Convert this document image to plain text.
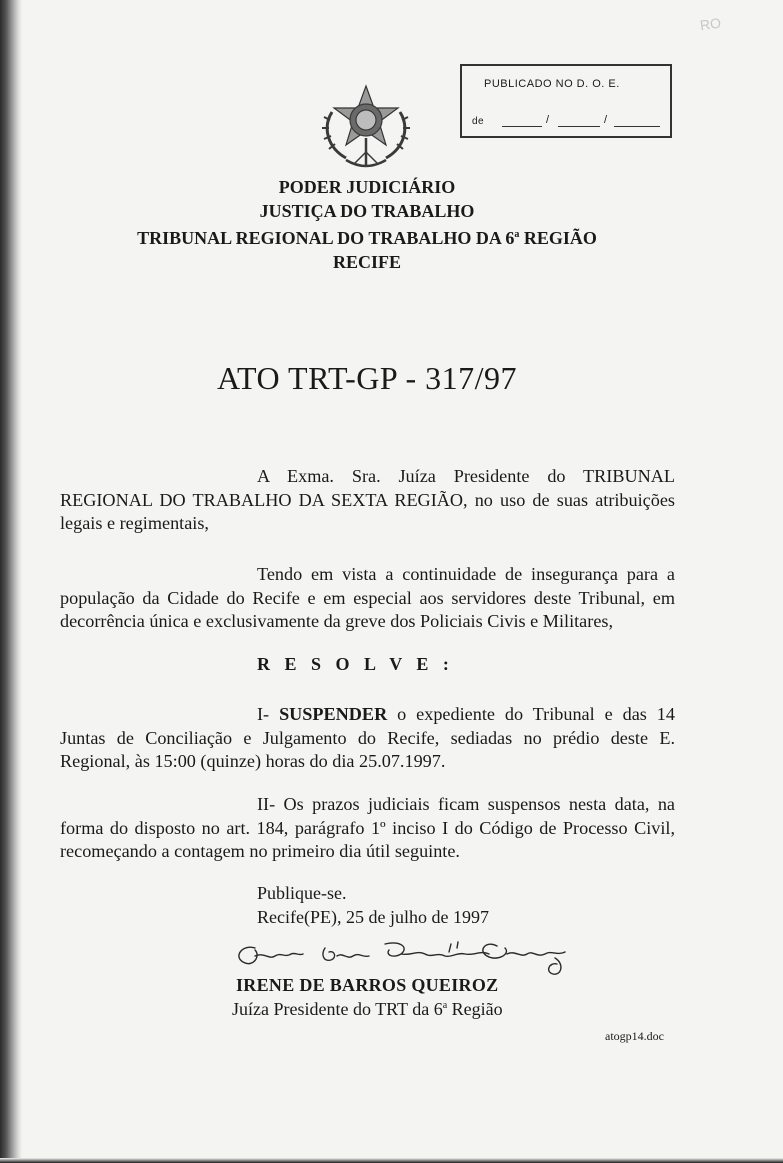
RO
PUBLICADO NO D. O. E.
de	/	/
PODER JUDICIÁRIO
JUSTIÇA DO TRABALHO
TRIBUNAL REGIONAL DO TRABALHO DA 6$^a$ REGIÃO
RECIFE
ATO TRT-GP - 317/97

A Exma. Sra. Juíza Presidente do TRIBUNAL REGIONAL DO TRABALHO DA SEXTA REGIÃO, no uso de suas atribuições legais e regimentais,

Tendo em vista a continuidade de insegurança para a população da Cidade do Recife e em especial aos servidores deste Tribunal, em decorrência única e exclusivamente da greve dos Policiais Civis e Militares,

R E S O L V E :

I- SUSPENDER o expediente do Tribunal e das 14 Juntas de Conciliação e Julgamento do Recife, sediadas no prédio deste E. Regional, às 15:00 (quinze) horas do dia 25.07.1997.

II- Os prazos judiciais ficam suspensos nesta data, na forma do disposto no art. 184, parágrafo 1º inciso I do Código de Processo Civil, recomeçando a contagem no primeiro dia útil seguinte.

Publique-se.
Recife(PE), 25 de julho de 1997
IRENE DE BARROS QUEIROZ
Juíza Presidente do TRT da 6$^a$ Região
atogp14.doc
